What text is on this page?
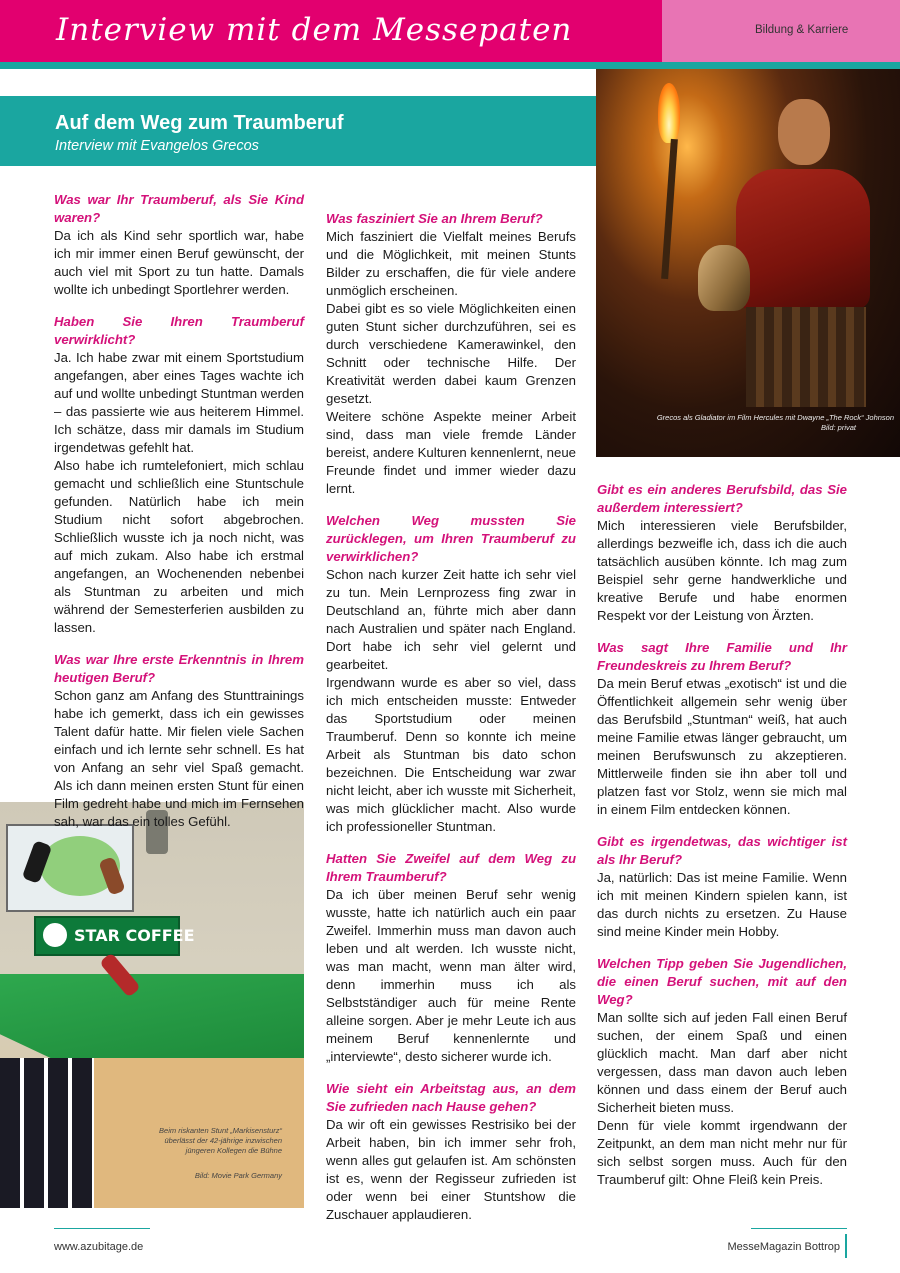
Interview mit dem Messepaten	Bildung & Karriere
Auf dem Weg zum Traumberuf
Interview mit Evangelos Grecos
Grecos als Gladiator im Film Hercules mit Dwayne „The Rock“ Johnson
Bild: privat
STAR COFFEE
Beim riskanten Stunt „Markisensturz“
überlässt der 42-jährige inzwischen
jüngeren Kollegen die Bühne
Bild: Movie Park Germany

Was war Ihr Traumberuf, als Sie Kind waren?

Da ich als Kind sehr sportlich war, habe ich mir immer einen Beruf gewünscht, der auch viel mit Sport zu tun hatte. Damals wollte ich unbedingt Sportlehrer werden.

Haben Sie Ihren Traumberuf verwirklicht?

Ja. Ich habe zwar mit einem Sportstudium angefangen, aber eines Tages wachte ich auf und wollte unbedingt Stuntman werden – das passierte wie aus heiterem Himmel. Ich schätze, dass mir damals im Studium irgendetwas gefehlt hat.

Also habe ich rumtelefoniert, mich schlau gemacht und schließlich eine Stuntschule gefunden. Natürlich habe ich mein Studium nicht sofort abgebrochen. Schließlich wusste ich ja noch nicht, was auf mich zukam. Also habe ich erstmal angefangen, an Wochenenden nebenbei als Stuntman zu arbeiten und mich während der Semesterferien ausbilden zu lassen.

Was war Ihre erste Erkenntnis in Ihrem heutigen Beruf?

Schon ganz am Anfang des Stunttrainings habe ich gemerkt, dass ich ein gewisses Talent dafür hatte. Mir fielen viele Sachen einfach und ich lernte sehr schnell. Es hat von Anfang an sehr viel Spaß gemacht. Als ich dann meinen ersten Stunt für einen Film gedreht habe und mich im Fernsehen sah, war das ein tolles Gefühl.

Was fasziniert Sie an Ihrem Beruf?

Mich fasziniert die Vielfalt meines Berufs und die Möglichkeit, mit meinen Stunts Bilder zu erschaffen, die für viele andere unmöglich erscheinen.

Dabei gibt es so viele Möglichkeiten einen guten Stunt sicher durchzuführen, sei es durch verschiedene Kamerawinkel, den Schnitt oder technische Hilfe. Der Kreativität werden dabei kaum Grenzen gesetzt.

Weitere schöne Aspekte meiner Arbeit sind, dass man viele fremde Länder bereist, andere Kulturen kennenlernt, neue Freunde findet und immer wieder dazu lernt.

Welchen Weg mussten Sie zurücklegen, um Ihren Traumberuf zu verwirklichen?

Schon nach kurzer Zeit hatte ich sehr viel zu tun. Mein Lernprozess fing zwar in Deutschland an, führte mich aber dann nach Australien und später nach England. Dort habe ich sehr viel gelernt und gearbeitet.

Irgendwann wurde es aber so viel, dass ich mich entscheiden musste: Entweder das Sportstudium oder meinen Traumberuf. Denn so konnte ich meine Arbeit als Stuntman bis dato schon bezeichnen. Die Entscheidung war zwar nicht leicht, aber ich wusste mit Sicherheit, was mich glücklicher macht. Also wurde ich professioneller Stuntman.

Hatten Sie Zweifel auf dem Weg zu Ihrem Traumberuf?

Da ich über meinen Beruf sehr wenig wusste, hatte ich natürlich auch ein paar Zweifel. Immerhin muss man davon auch leben und alt werden. Ich wusste nicht, was man macht, wenn man älter wird, denn immerhin muss ich als Selbstständiger auch für meine Rente alleine sorgen. Aber je mehr Leute ich aus meinem Beruf kennenlernte und „interviewte“, desto sicherer wurde ich.

Wie sieht ein Arbeitstag aus, an dem Sie zufrieden nach Hause gehen?

Da wir oft ein gewisses Restrisiko bei der Arbeit haben, bin ich immer sehr froh, wenn alles gut gelaufen ist. Am schönsten ist es, wenn der Regisseur zufrieden ist oder wenn bei einer Stuntshow die Zuschauer applaudieren.

Gibt es ein anderes Berufsbild, das Sie außerdem interessiert?

Mich interessieren viele Berufsbilder, allerdings bezweifle ich, dass ich die auch tatsächlich ausüben könnte. Ich mag zum Beispiel sehr gerne handwerkliche und kreative Berufe und habe enormen Respekt vor der Leistung von Ärzten.

Was sagt Ihre Familie und Ihr Freundeskreis zu Ihrem Beruf?

Da mein Beruf etwas „exotisch“ ist und die Öffentlichkeit allgemein sehr wenig über das Berufsbild „Stuntman“ weiß, hat auch meine Familie etwas länger gebraucht, um meinen Berufswunsch zu akzeptieren. Mittlerweile finden sie ihn aber toll und platzen fast vor Stolz, wenn sie mich mal in einem Film entdecken können.

Gibt es irgendetwas, das wichtiger ist als Ihr Beruf?

Ja, natürlich: Das ist meine Familie. Wenn ich mit meinen Kindern spielen kann, ist das durch nichts zu ersetzen. Zu Hause sind meine Kinder mein Hobby.

Welchen Tipp geben Sie Jugendlichen, die einen Beruf suchen, mit auf den Weg?

Man sollte sich auf jeden Fall einen Beruf suchen, der einem Spaß und einen glücklich macht. Man darf aber nicht vergessen, dass man davon auch leben können und dass einem der Beruf auch Sicherheit bieten muss.

Denn für viele kommt irgendwann der Zeitpunkt, an dem man nicht mehr nur für sich selbst sorgen muss. Auch für den Traumberuf gilt: Ohne Fleiß kein Preis.

www.azubitage.de	MesseMagazin Bottrop
